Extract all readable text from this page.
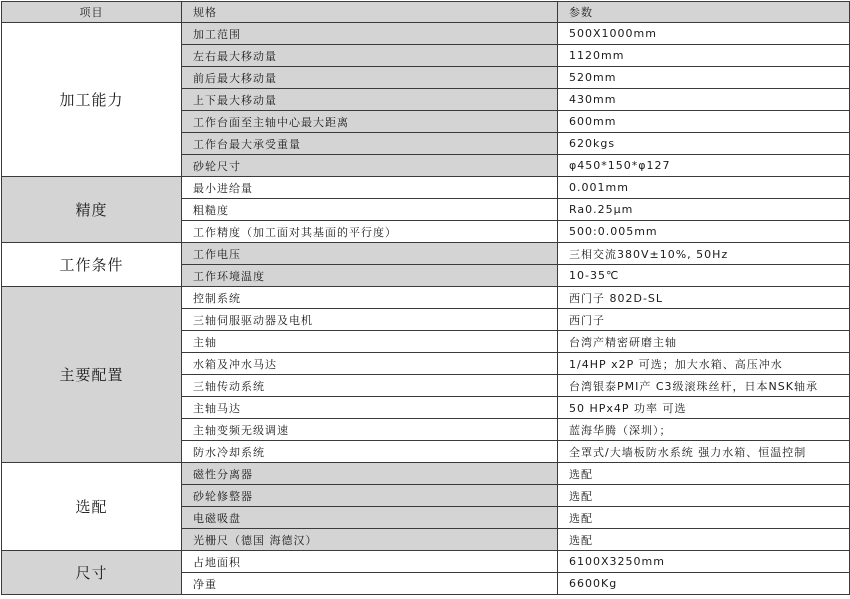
项目	规格	参数
加工能力	加工范围	500X1000mm
	左右最大移动量	1120mm
	前后最大移动量	520mm
	上下最大移动量	430mm
	工作台面至主轴中心最大距离	600mm
	工作台最大承受重量	620kgs
	砂轮尺寸	φ450*150*φ127
精度	最小进给量	0.001mm
	粗糙度	Ra0.25μm
	工作精度（加工面对其基面的平行度）	500:0.005mm
工作条件	工作电压	三相交流380V±10%, 50Hz
	工作环境温度	10-35℃
主要配置	控制系统	西门子 802D-SL
	三轴伺服驱动器及电机	西门子
	主轴	台湾产精密研磨主轴
	水箱及冲水马达	1/4HP x2P 可选；加大水箱、高压冲水
	三轴传动系统	台湾银泰PMI产 C3级滚珠丝杆，日本NSK轴承
	主轴马达	50 HPx4P 功率 可选
	主轴变频无级调速	蓝海华腾（深圳）；
	防水冷却系统	全罩式/大墙板防水系统 强力水箱、恒温控制
选配	磁性分离器	选配
	砂轮修整器	选配
	电磁吸盘	选配
	光栅尺（德国 海德汉）	选配
尺寸	占地面积	6100X3250mm
	净重	6600Kg
